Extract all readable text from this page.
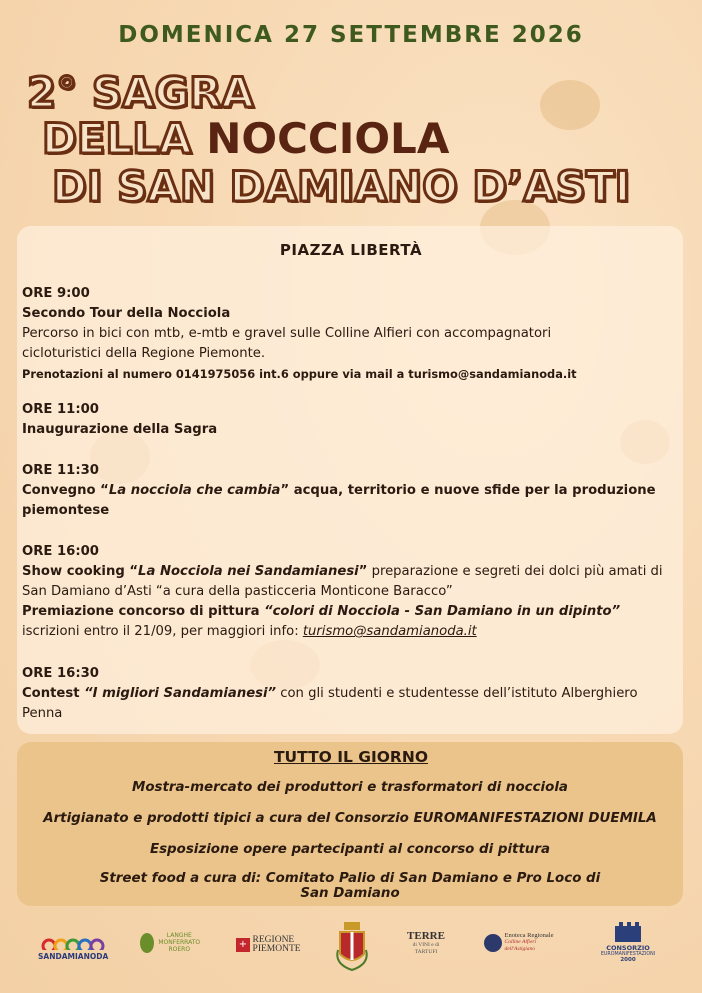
DOMENICA 27 SETTEMBRE 2026
2° SAGRA
DELLA NOCCIOLA
DI SAN DAMIANO D’ASTI
PIAZZA LIBERTÀ
ORE 9:00
Secondo Tour della Nocciola
Percorso in bici con mtb, e-mtb e gravel sulle Colline Alfieri con accompagnatori
cicloturistici della Regione Piemonte.
Prenotazioni al numero 0141975056 int.6 oppure via mail a turismo@sandamianoda.it
ORE 11:00
Inaugurazione della Sagra
ORE 11:30
Convegno “La nocciola che cambia” acqua, territorio e nuove sfide per la produzione
piemontese
ORE 16:00
Show cooking “La Nocciola nei Sandamianesi” preparazione e segreti dei dolci più amati di
San Damiano d’Asti “a cura della pasticceria Monticone Baracco”
Premiazione concorso di pittura “colori di Nocciola - San Damiano in un dipinto”
iscrizioni entro il 21/09, per maggiori info: turismo@sandamianoda.it
ORE 16:30
Contest “I migliori Sandamianesi” con gli studenti e studentesse dell’istituto Alberghiero
Penna
TUTTO IL GIORNO
Mostra-mercato dei produttori e trasformatori di nocciola
Artigianato e prodotti tipici a cura del Consorzio EUROMANIFESTAZIONI DUEMILA
Esposizione opere partecipanti al concorso di pittura
Street food a cura di: Comitato Palio di San Damiano e Pro Loco di
San Damiano
SANDAMIANODA
LANGHE MONFERRATO ROERO	+ REGIONE
PIEMONTE
TERRE
di VINI e di TARTUFI

Enoteca Regionale
Colline Alfieri
dell'Astigiano	CONSORZIO
EUROMANIFESTAZIONI
2000
